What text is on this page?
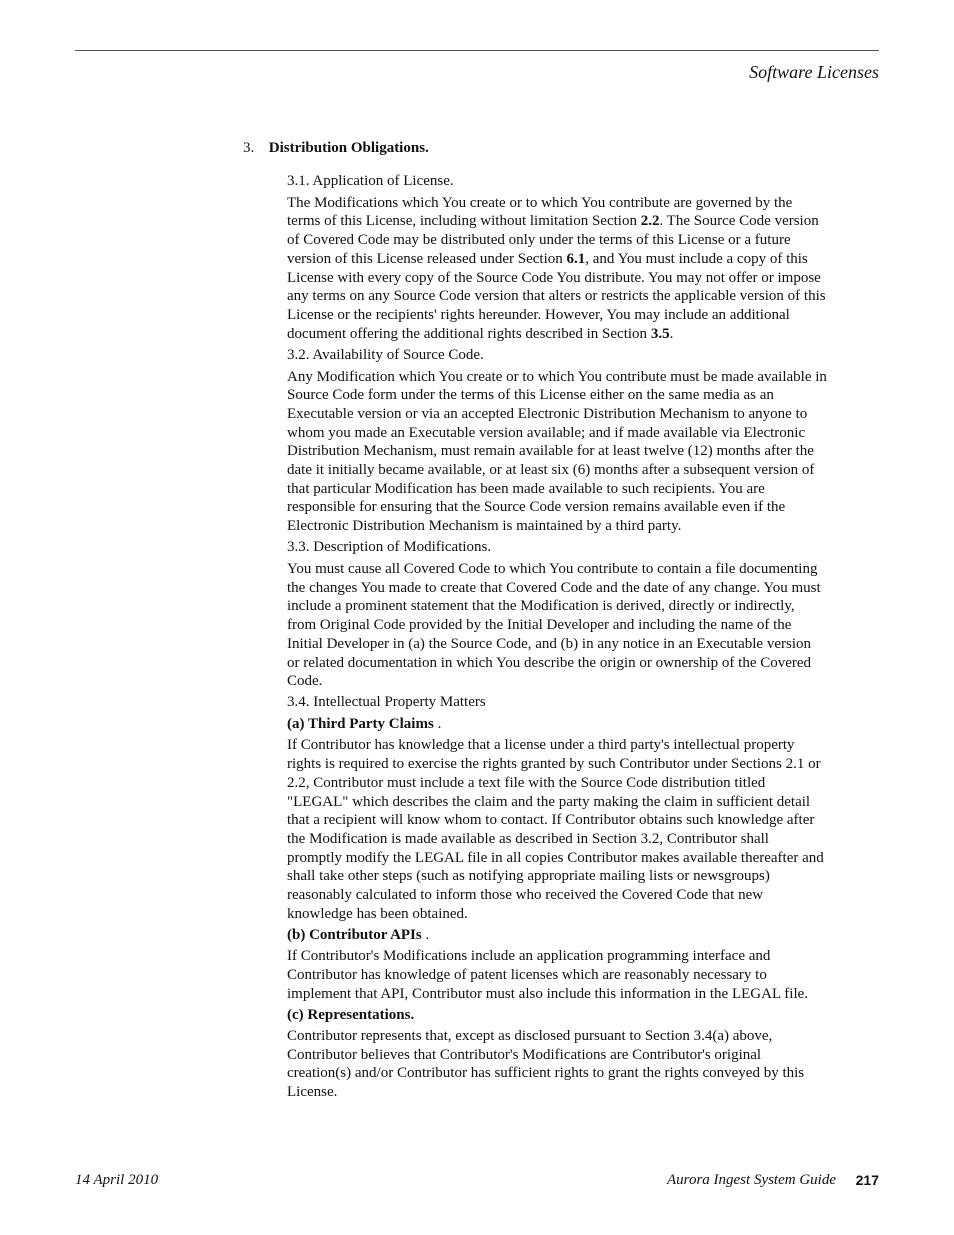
Software Licenses
3. Distribution Obligations.

3.1. Application of License.

The Modifications which You create or to which You contribute are governed by the terms of this License, including without limitation Section 2.2. The Source Code version of Covered Code may be distributed only under the terms of this License or a future version of this License released under Section 6.1, and You must include a copy of this License with every copy of the Source Code You distribute. You may not offer or impose any terms on any Source Code version that alters or restricts the applicable version of this License or the recipients' rights hereunder. However, You may include an additional document offering the additional rights described in Section 3.5.

3.2. Availability of Source Code.

Any Modification which You create or to which You contribute must be made available in Source Code form under the terms of this License either on the same media as an Executable version or via an accepted Electronic Distribution Mechanism to anyone to whom you made an Executable version available; and if made available via Electronic Distribution Mechanism, must remain available for at least twelve (12) months after the date it initially became available, or at least six (6) months after a subsequent version of that particular Modification has been made available to such recipients. You are responsible for ensuring that the Source Code version remains available even if the Electronic Distribution Mechanism is maintained by a third party.

3.3. Description of Modifications.

You must cause all Covered Code to which You contribute to contain a file documenting the changes You made to create that Covered Code and the date of any change. You must include a prominent statement that the Modification is derived, directly or indirectly, from Original Code provided by the Initial Developer and including the name of the Initial Developer in (a) the Source Code, and (b) in any notice in an Executable version or related documentation in which You describe the origin or ownership of the Covered Code.

3.4. Intellectual Property Matters

(a) Third Party Claims .

If Contributor has knowledge that a license under a third party's intellectual property rights is required to exercise the rights granted by such Contributor under Sections 2.1 or 2.2, Contributor must include a text file with the Source Code distribution titled "LEGAL" which describes the claim and the party making the claim in sufficient detail that a recipient will know whom to contact. If Contributor obtains such knowledge after the Modification is made available as described in Section 3.2, Contributor shall promptly modify the LEGAL file in all copies Contributor makes available thereafter and shall take other steps (such as notifying appropriate mailing lists or newsgroups) reasonably calculated to inform those who received the Covered Code that new knowledge has been obtained.

(b) Contributor APIs .

If Contributor's Modifications include an application programming interface and Contributor has knowledge of patent licenses which are reasonably necessary to implement that API, Contributor must also include this information in the LEGAL file.

(c) Representations.

Contributor represents that, except as disclosed pursuant to Section 3.4(a) above, Contributor believes that Contributor's Modifications are Contributor's original creation(s) and/or Contributor has sufficient rights to grant the rights conveyed by this License.

14 April 2010	Aurora Ingest System Guide 217
